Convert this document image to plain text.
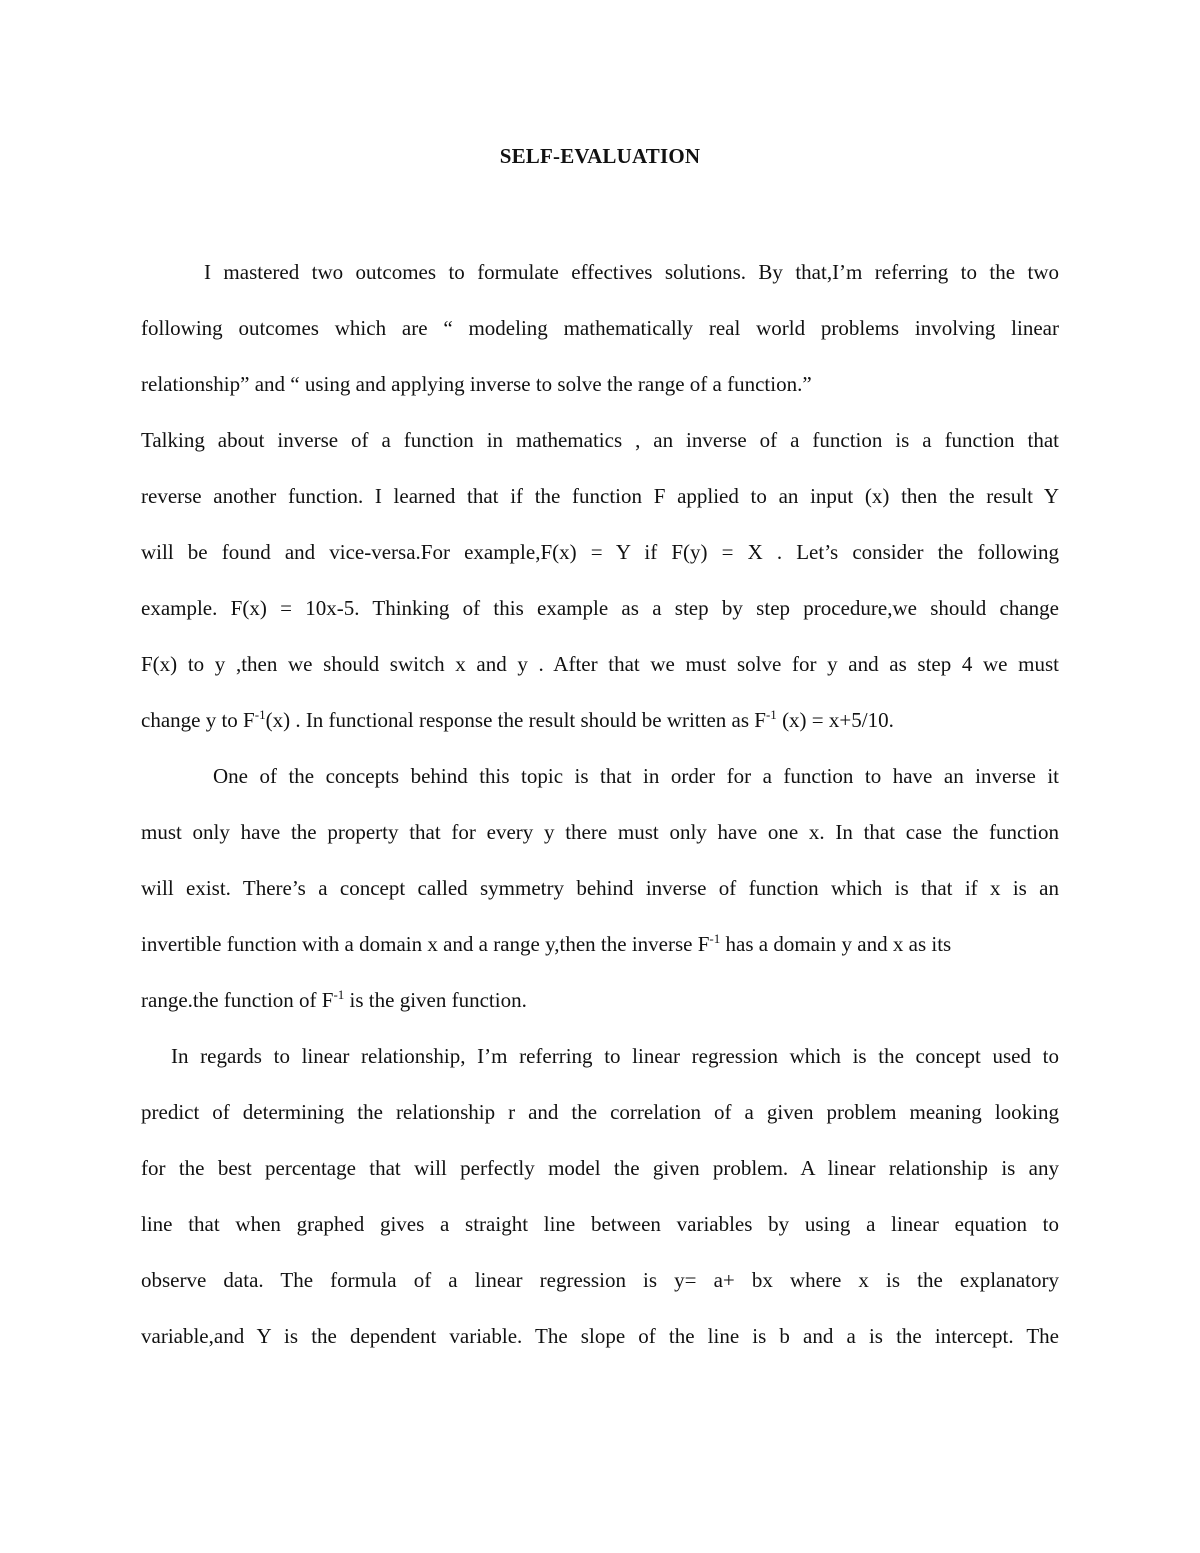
SELF-EVALUATION
I mastered two outcomes to formulate effectives solutions. By that,I’m referring to the two
following outcomes which are “ modeling mathematically real world problems involving linear
relationship” and “ using and applying inverse to solve the range of a function.”
Talking about inverse of a function in mathematics , an inverse of a function is a function that
reverse another function. I learned that if the function F applied to an input (x) then the result Y
will be found and vice-versa.For example,F(x) = Y if F(y) = X . Let’s consider the following
example. F(x) = 10x-5. Thinking of this example as a step by step procedure,we should change
F(x) to y ,then we should switch x and y . After that we must solve for y and as step 4 we must
change y to $F^{-1}(x)$ . In functional response the result should be written as $F^{-1}$ (x) = x+5/10.
One of the concepts behind this topic is that in order for a function to have an inverse it
must only have the property that for every y there must only have one x. In that case the function
will exist. There’s a concept called symmetry behind inverse of function which is that if x is an
invertible function with a domain x and a range y,then the inverse $F^{-1}$ has a domain y and x as its
range.the function of $F^{-1}$ is the given function.
In regards to linear relationship, I’m referring to linear regression which is the concept used to
predict of determining the relationship r and the correlation of a given problem meaning looking
for the best percentage that will perfectly model the given problem. A linear relationship is any
line that when graphed gives a straight line between variables by using a linear equation to
observe data. The formula of a linear regression is y= a+ bx where x is the explanatory
variable,and Y is the dependent variable. The slope of the line is b and a is the intercept. The
